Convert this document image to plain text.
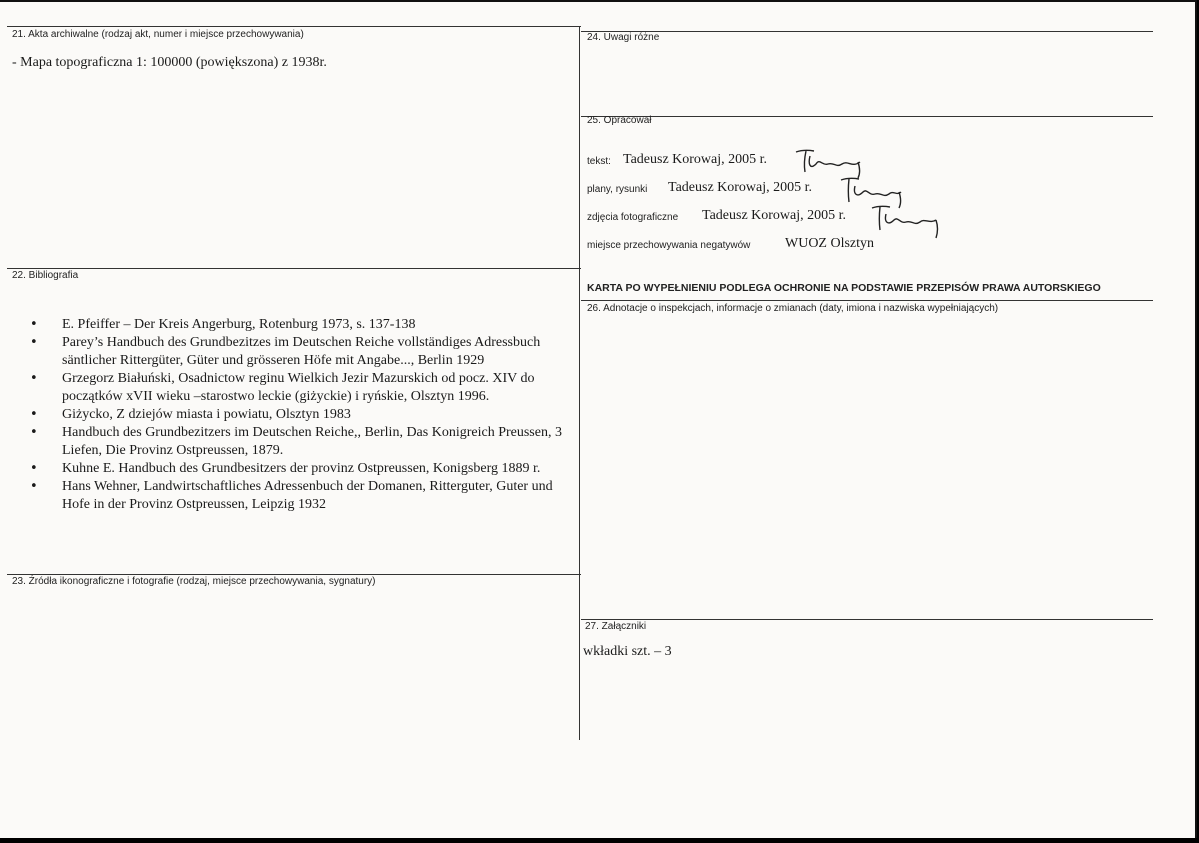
21. Akta archiwalne (rodzaj akt, numer i miejsce przechowywania)
- Mapa topograficzna 1: 100000 (powiększona) z 1938r.
22. Bibliografia
• E. Pfeiffer – Der Kreis Angerburg, Rotenburg 1973, s. 137-138
• Parey’s Handbuch des Grundbezitzes im Deutschen Reiche vollständiges Adressbuch säntlicher Rittergüter, Güter und grösseren Höfe mit Angabe..., Berlin 1929
• Grzegorz Białuński, Osadnictow reginu Wielkich Jezir Mazurskich od pocz. XIV do początków xVII wieku –starostwo leckie (giżyckie) i ryńskie, Olsztyn 1996.
• Giżycko, Z dziejów miasta i powiatu, Olsztyn 1983
• Handbuch des Grundbezitzers im Deutschen Reiche,, Berlin, Das Konigreich Preussen, 3 Liefen, Die Provinz Ostpreussen, 1879.
• Kuhne E. Handbuch des Grundbesitzers der provinz Ostpreussen, Konigsberg 1889 r.
• Hans Wehner, Landwirtschaftliches Adressenbuch der Domanen, Ritterguter, Guter und Hofe in der Provinz Ostpreussen, Leipzig 1932
23. Źródła ikonograficzne i fotografie (rodzaj, miejsce przechowywania, sygnatury)
24. Uwagi różne
25. Opracował
tekst: Tadeusz Korowaj, 2005 r.
plany, rysunki Tadeusz Korowaj, 2005 r.
zdjęcia fotograficzne Tadeusz Korowaj, 2005 r.
miejsce przechowywania negatywów WUOZ Olsztyn
KARTA PO WYPEŁNIENIU PODLEGA OCHRONIE NA PODSTAWIE PRZEPISÓW PRAWA AUTORSKIEGO
26. Adnotacje o inspekcjach, informacje o zmianach (daty, imiona i nazwiska wypełniających)
27. Załączniki
wkładki szt. – 3
